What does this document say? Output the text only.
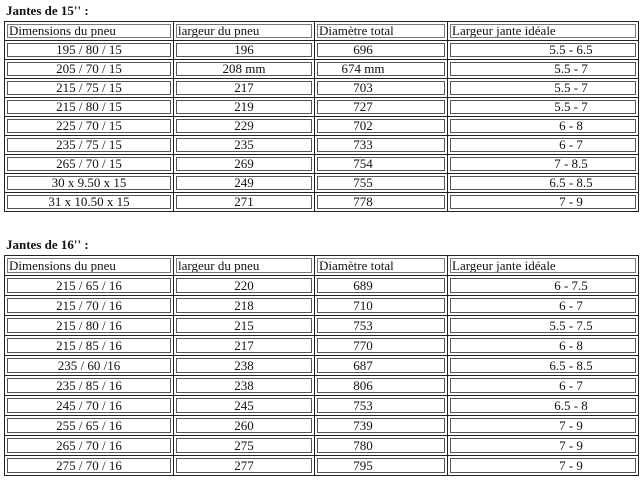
Jantes de 15'' :
Dimensions du pneu	largeur du pneu	Diamètre total	Largeur jante idéale
195 / 80 / 15	196	696	5.5 - 6.5
205 / 70 / 15	208 mm	674 mm	5.5 - 7
215 / 75 / 15	217	703	5.5 - 7
215 / 80 / 15	219	727	5.5 - 7
225 / 70 / 15	229	702	6 - 8
235 / 75 / 15	235	733	6 - 7
265 / 70 / 15	269	754	7 - 8.5
30 x 9.50 x 15	249	755	6.5 - 8.5
31 x 10.50 x 15	271	778	7 - 9
Jantes de 16'' :
Dimensions du pneu	largeur du pneu	Diamètre total	Largeur jante idéale
215 / 65 / 16	220	689	6 - 7.5
215 / 70 / 16	218	710	6 - 7
215 / 80 / 16	215	753	5.5 - 7.5
215 / 85 / 16	217	770	6 - 8
235 / 60 /16	238	687	6.5 - 8.5
235 / 85 / 16	238	806	6 - 7
245 / 70 / 16	245	753	6.5 - 8
255 / 65 / 16	260	739	7 - 9
265 / 70 / 16	275	780	7 - 9
275 / 70 / 16	277	795	7 - 9
